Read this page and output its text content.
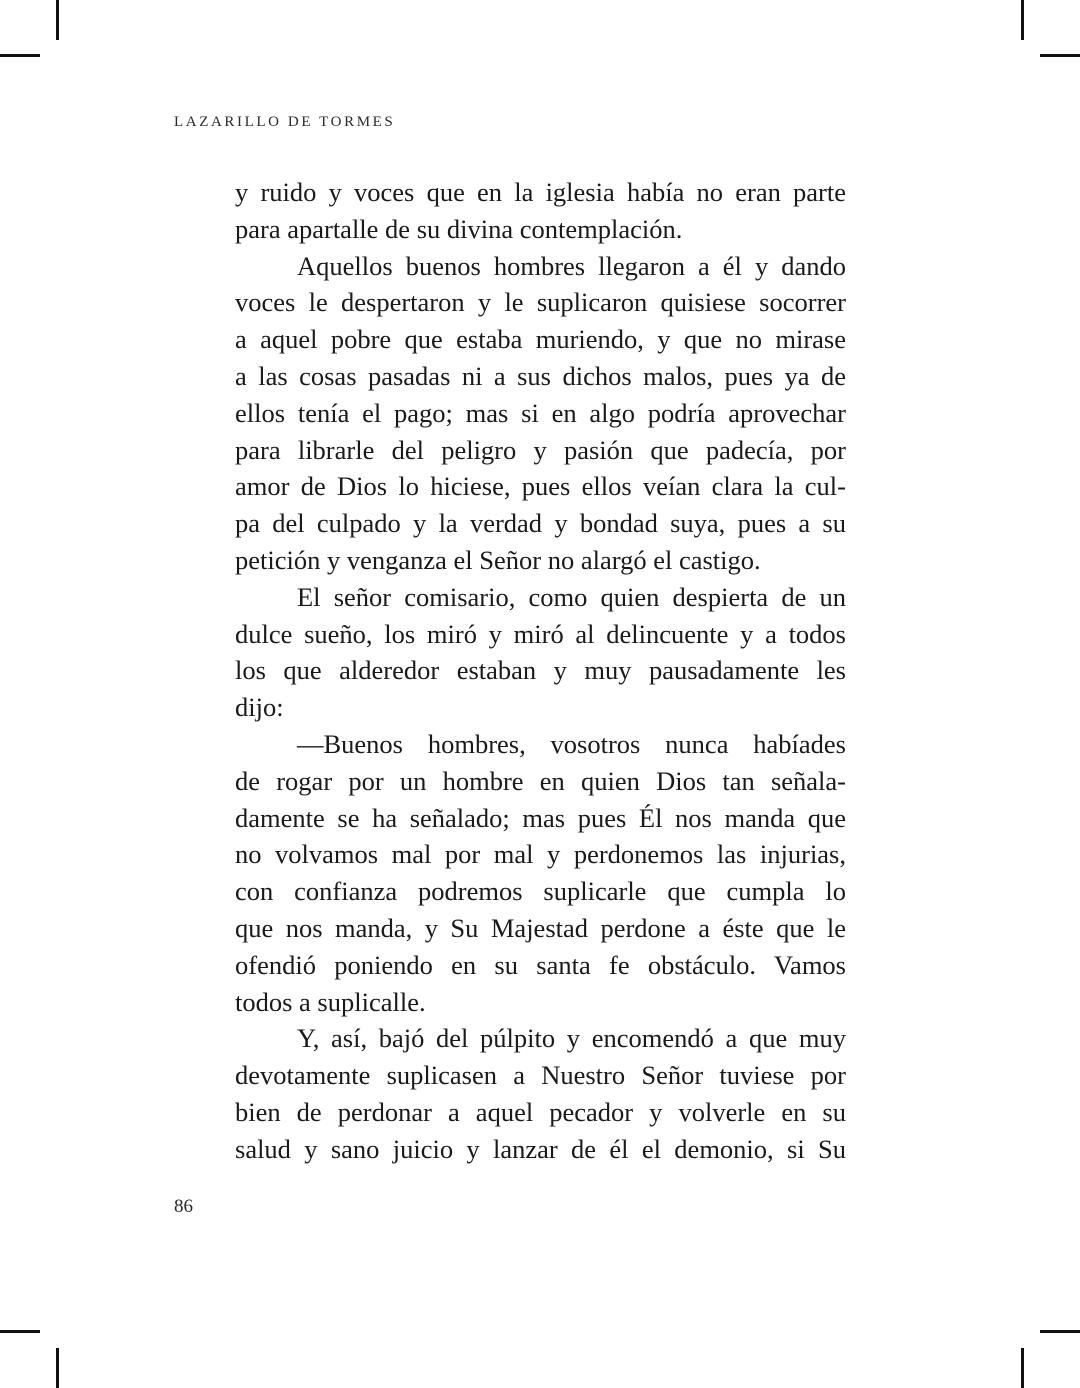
LAZARILLO DE TORMES
y ruido y voces que en la iglesia había no eran parte
para apartalle de su divina contemplación.
Aquellos buenos hombres llegaron a él y dando
voces le despertaron y le suplicaron quisiese socorrer
a aquel pobre que estaba muriendo, y que no mirase
a las cosas pasadas ni a sus dichos malos, pues ya de
ellos tenía el pago; mas si en algo podría aprovechar
para librarle del peligro y pasión que padecía, por
amor de Dios lo hiciese, pues ellos veían clara la cul-
pa del culpado y la verdad y bondad suya, pues a su
petición y venganza el Señor no alargó el castigo.
El señor comisario, como quien despierta de un
dulce sueño, los miró y miró al delincuente y a todos
los que alderedor estaban y muy pausadamente les
dijo:
—Buenos hombres, vosotros nunca habíades
de rogar por un hombre en quien Dios tan señala-
damente se ha señalado; mas pues Él nos manda que
no volvamos mal por mal y perdonemos las injurias,
con confianza podremos suplicarle que cumpla lo
que nos manda, y Su Majestad perdone a éste que le
ofendió poniendo en su santa fe obstáculo. Vamos
todos a suplicalle.
Y, así, bajó del púlpito y encomendó a que muy
devotamente suplicasen a Nuestro Señor tuviese por
bien de perdonar a aquel pecador y volverle en su
salud y sano juicio y lanzar de él el demonio, si Su
86
